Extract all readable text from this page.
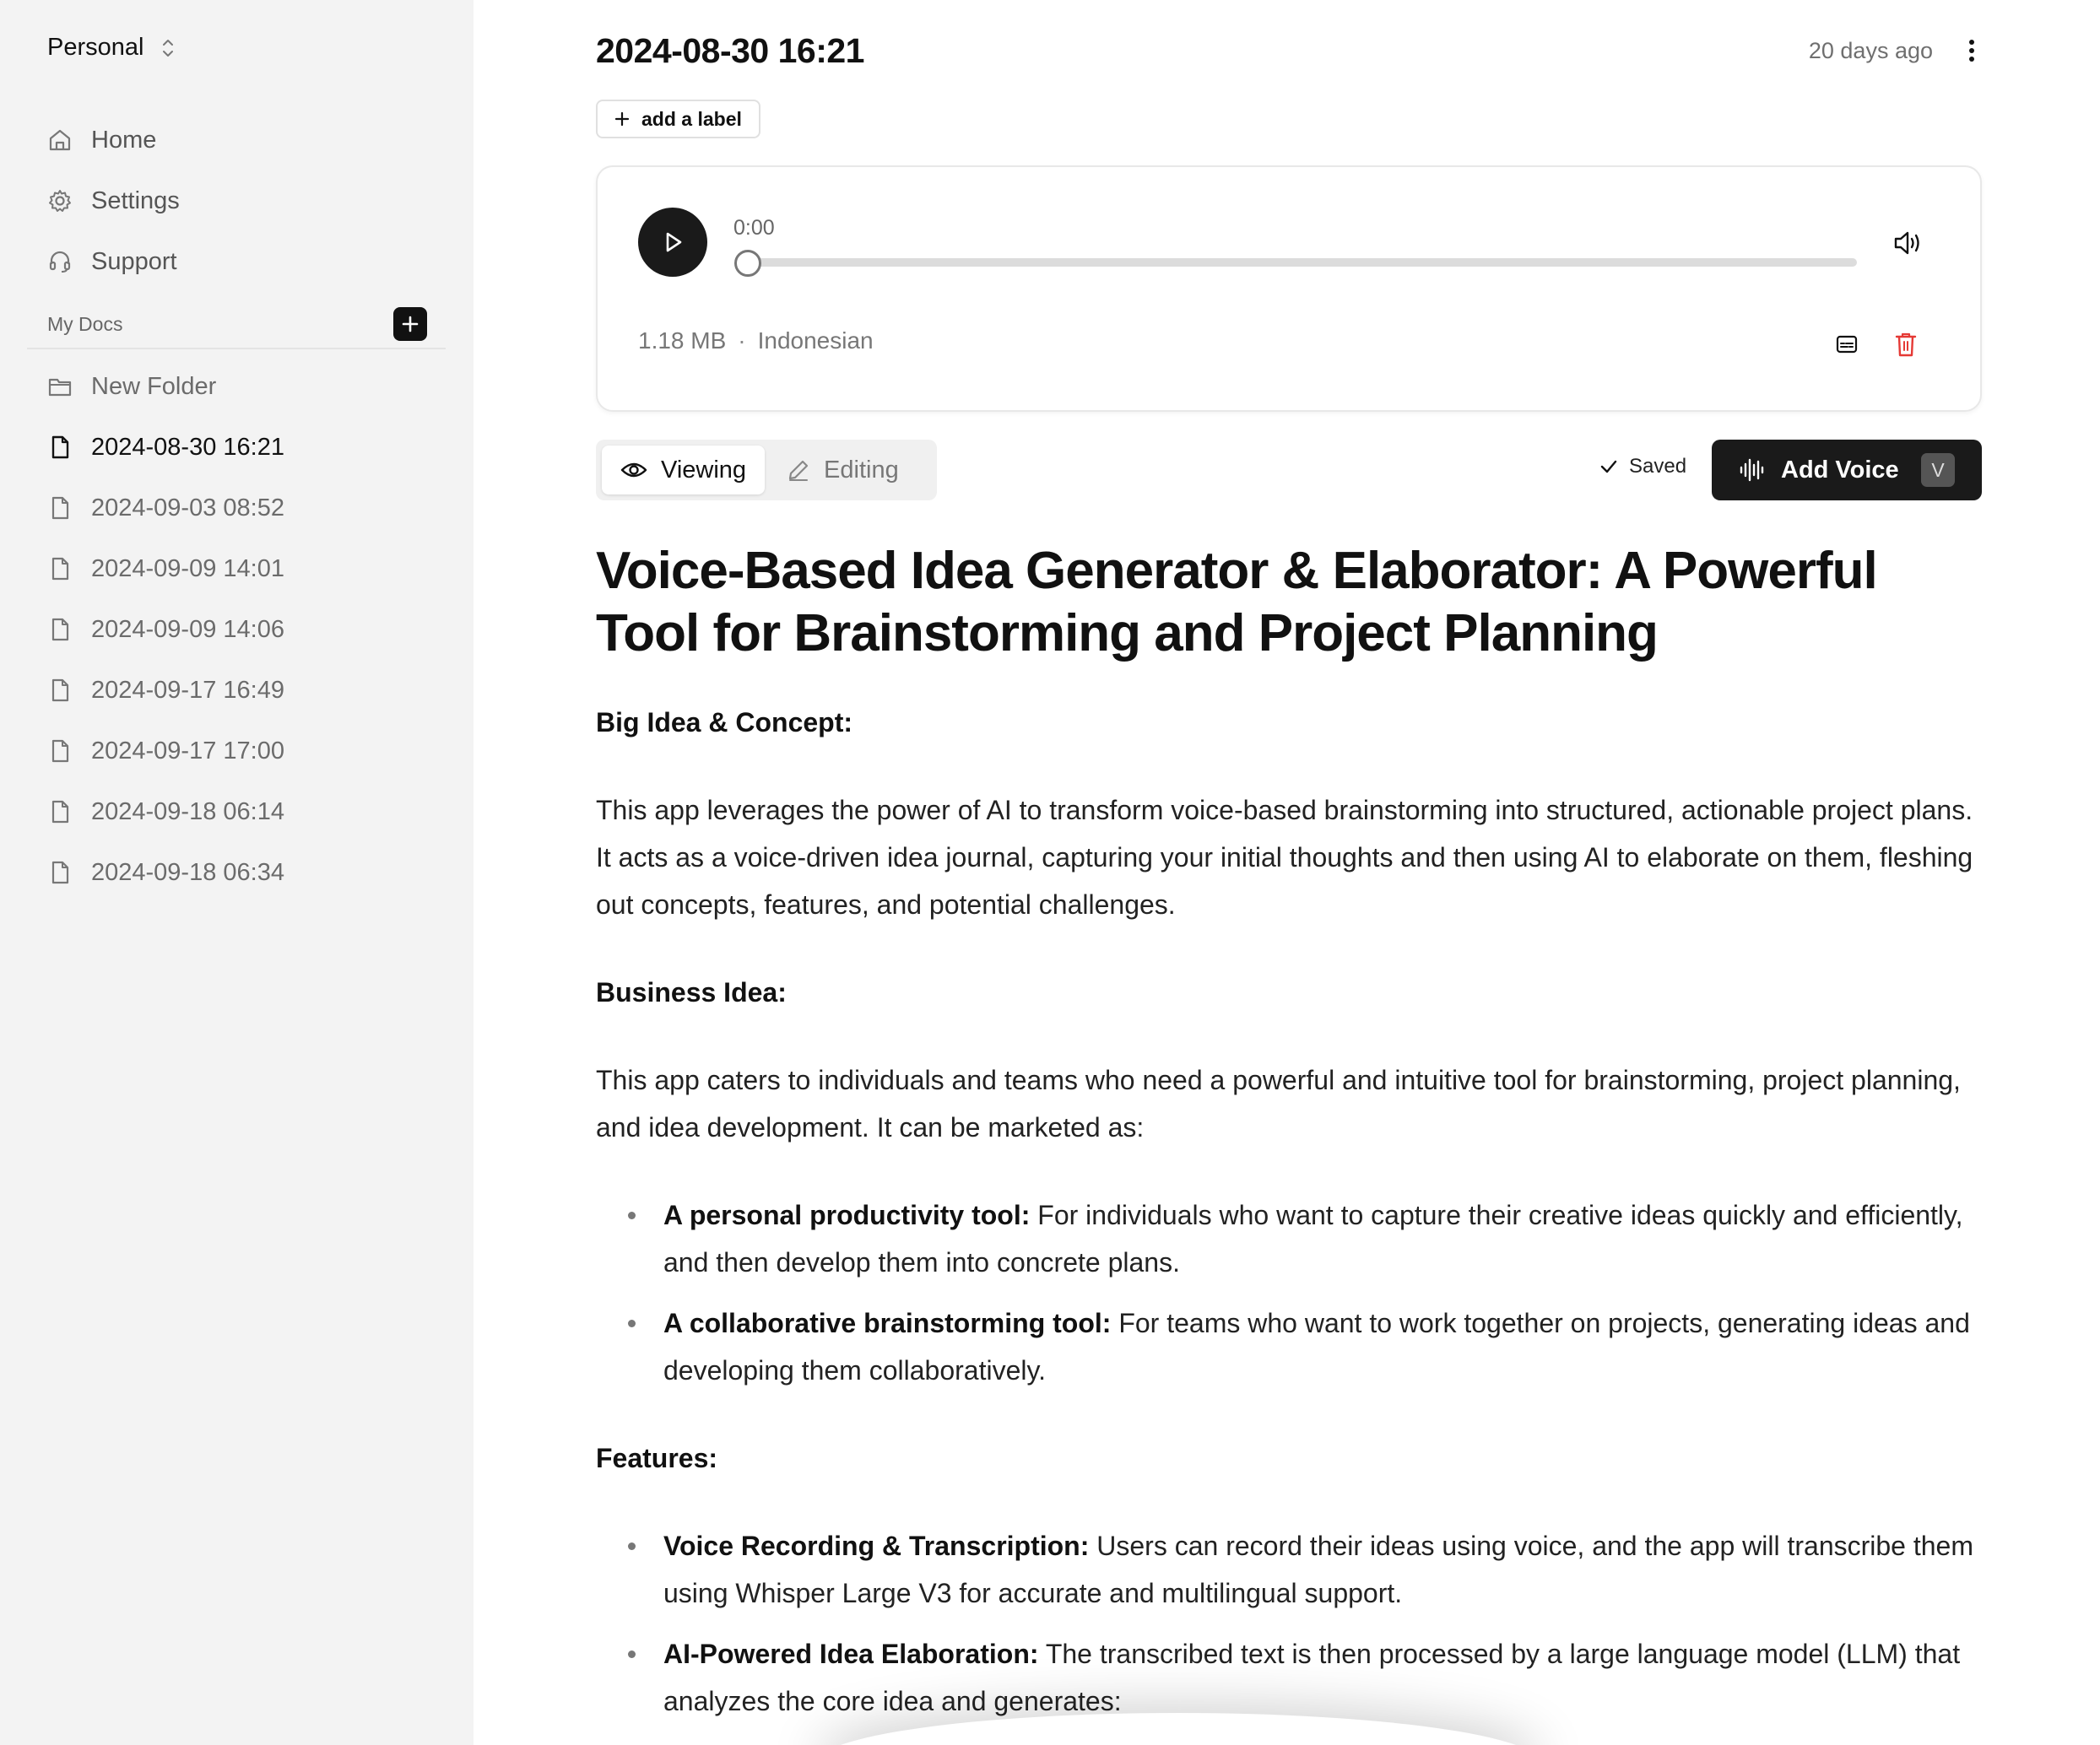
Personal
Home
Settings
Support
My Docs
New Folder
2024-08-30 16:21
2024-09-03 08:52
2024-09-09 14:01
2024-09-09 14:06
2024-09-17 16:49
2024-09-17 17:00
2024-09-18 06:14
2024-09-18 06:34
2024-08-30 16:21	20 days ago
add a label
0:00
1.18 MB · Indonesian
Viewing	Editing	Saved	Add Voice	V
Voice-Based Idea Generator & Elaborator: A Powerful Tool for Brainstorming and Project Planning
Big Idea & Concept:

This app leverages the power of AI to transform voice-based brainstorming into structured, actionable project plans. It acts as a voice-driven idea journal, capturing your initial thoughts and then using AI to elaborate on them, fleshing out concepts, features, and potential challenges.

Business Idea:

This app caters to individuals and teams who need a powerful and intuitive tool for brainstorming, project planning, and idea development. It can be marketed as:

A personal productivity tool: For individuals who want to capture their creative ideas quickly and efficiently, and then develop them into concrete plans.
A collaborative brainstorming tool: For teams who want to work together on projects, generating ideas and developing them collaboratively.
Features:
Voice Recording & Transcription: Users can record their ideas using voice, and the app will transcribe them using Whisper Large V3 for accurate and multilingual support.
AI-Powered Idea Elaboration: The transcribed text is then processed by a large language model (LLM) that analyzes the core idea and generates:
